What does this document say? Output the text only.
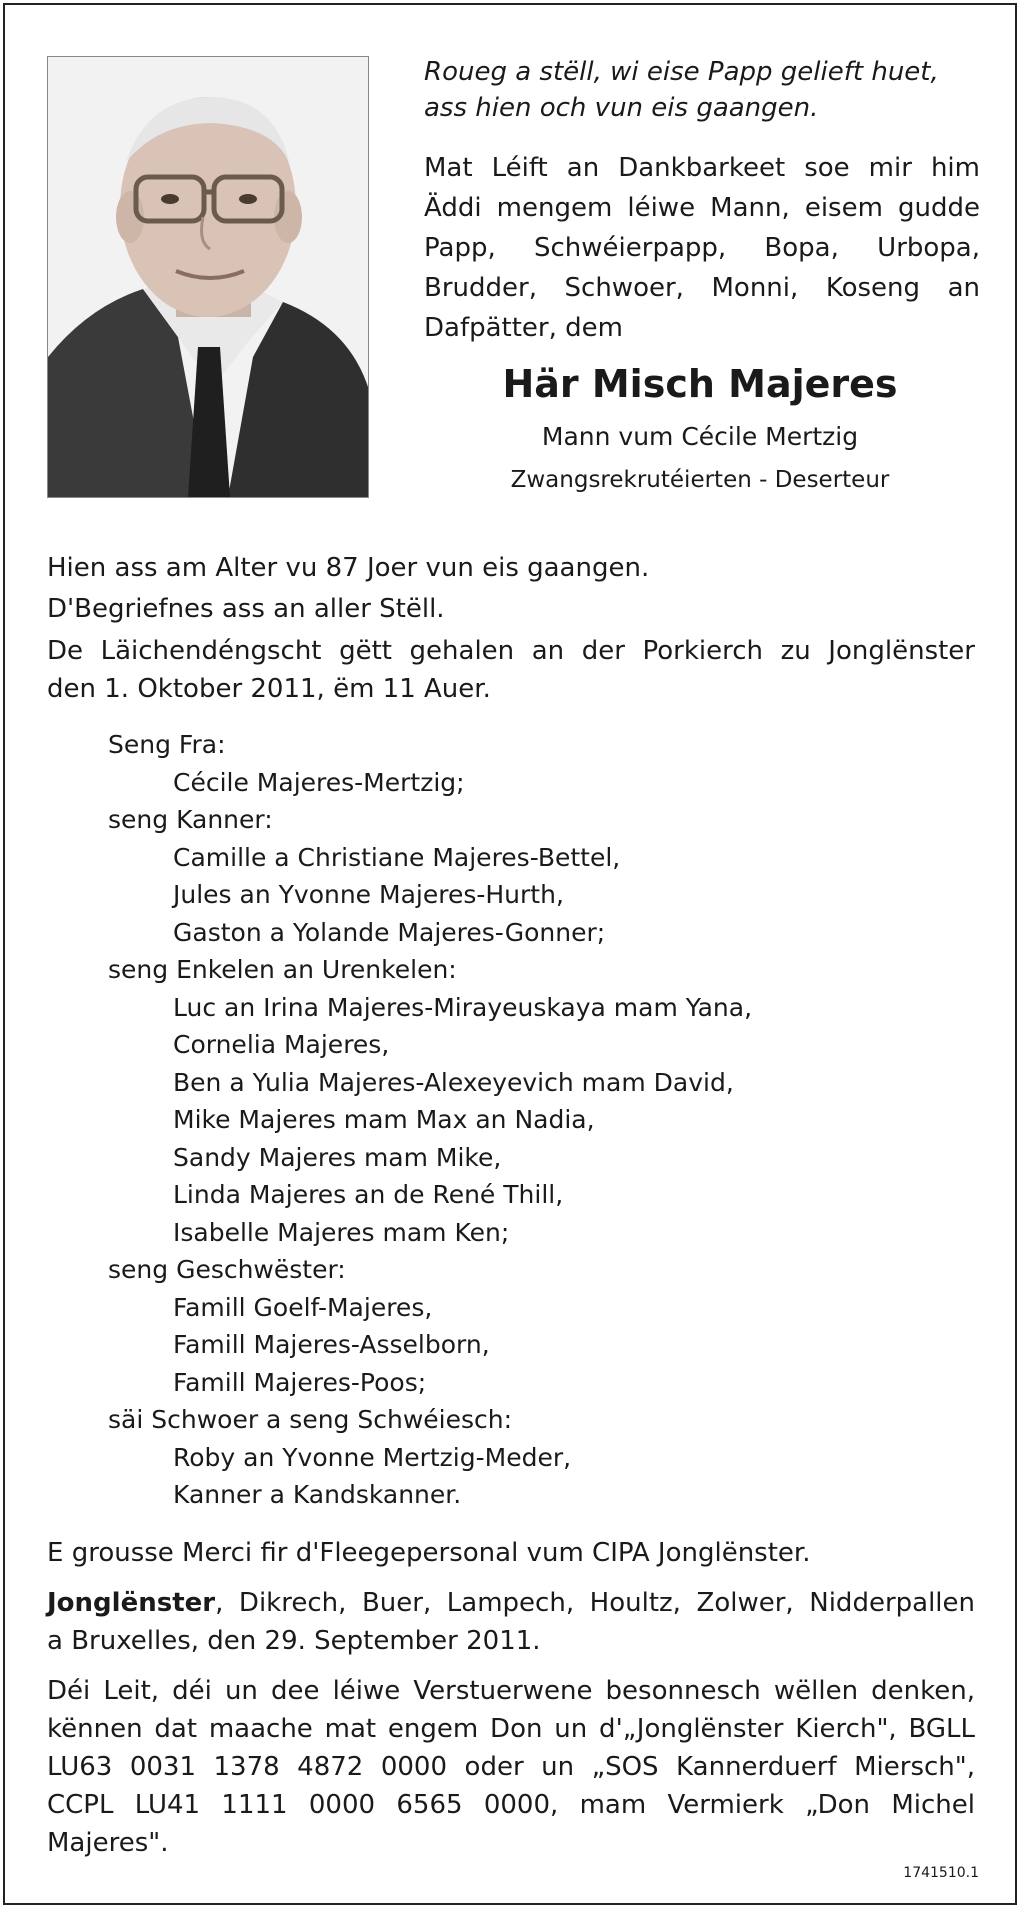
Roueg a stëll, wi eise Papp gelieft huet,
ass hien och vun eis gaangen.
Mat Léift an Dankbarkeet soe mir him
Äddi mengem léiwe Mann, eisem gudde
Papp, Schwéierpapp, Bopa, Urbopa,
Brudder, Schwoer, Monni, Koseng an
Dafpätter, dem

Här Misch Majeres

Mann vum Cécile Mertzig

Zwangsrekrutéierten - Deserteur

Hien ass am Alter vu 87 Joer vun eis gaangen.

D'Begriefnes ass an aller Stëll.

De Läichendéngscht gëtt gehalen an der Porkierch zu Jonglënster
den 1. Oktober 2011, ëm 11 Auer.

Seng Fra:
Cécile Majeres-Mertzig;
seng Kanner:
Camille a Christiane Majeres-Bettel,
Jules an Yvonne Majeres-Hurth,
Gaston a Yolande Majeres-Gonner;
seng Enkelen an Urenkelen:
Luc an Irina Majeres-Mirayeuskaya mam Yana,
Cornelia Majeres,
Ben a Yulia Majeres-Alexeyevich mam David,
Mike Majeres mam Max an Nadia,
Sandy Majeres mam Mike,
Linda Majeres an de René Thill,
Isabelle Majeres mam Ken;
seng Geschwëster:
Famill Goelf-Majeres,
Famill Majeres-Asselborn,
Famill Majeres-Poos;
säi Schwoer a seng Schwéiesch:
Roby an Yvonne Mertzig-Meder,
Kanner a Kandskanner.

E grousse Merci fir d'Fleegepersonal vum CIPA Jonglënster.

Jonglënster, Dikrech, Buer, Lampech, Houltz, Zolwer, Nidderpallen
a Bruxelles, den 29. September 2011.

Déi Leit, déi un dee léiwe Verstuerwene besonnesch wëllen denken,
kënnen dat maache mat engem Don un d'„Jonglënster Kierch", BGLL
LU63 0031 1378 4872 0000 oder un „SOS Kannerduerf Miersch",
CCPL LU41 1111 0000 6565 0000, mam Vermierk „Don Michel
Majeres".

1741510.1
